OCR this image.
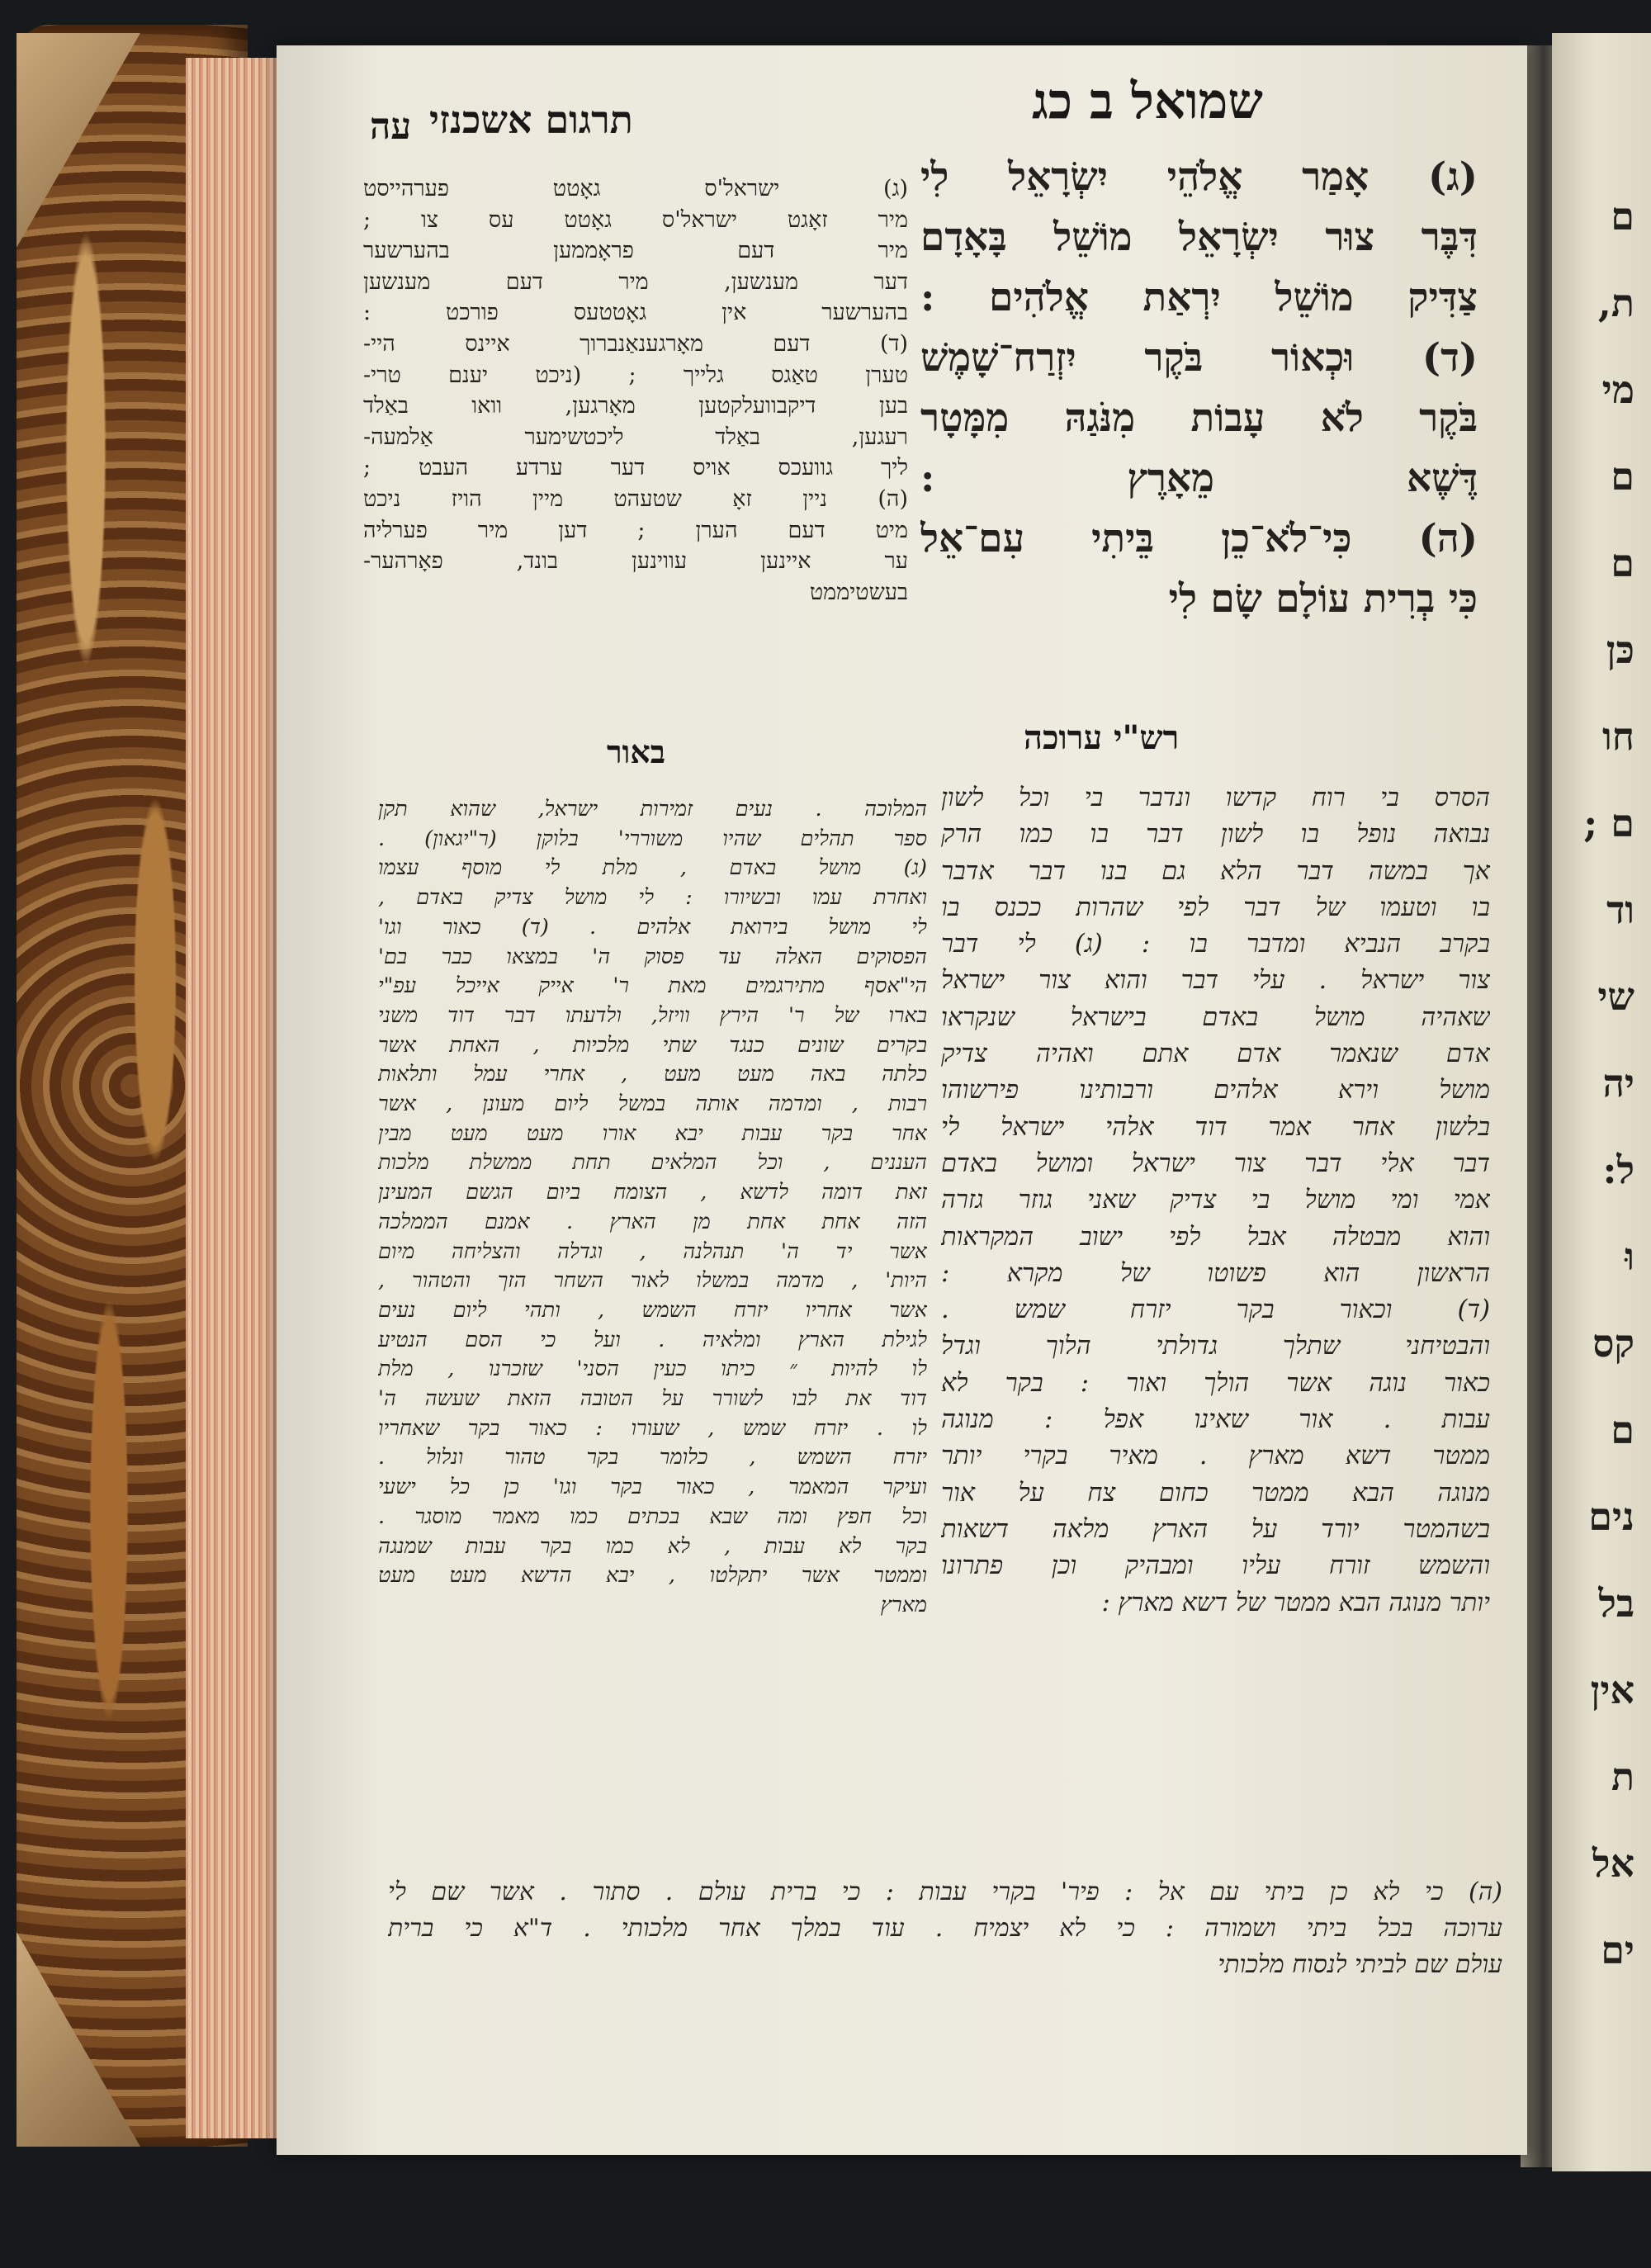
ם
ת,
מי
ם
ם
כּן
חו
ם ;
וד
שי
יה
ל:
וּ
קס
ם
נים
בל
אין
ת
אל
ים
שמואל ב כג
תרגום אשכנזי
עה
(ג) אָמַר אֱלֹהֵי יִשְׂרָאֵל לִי
דִּבֶּר צוּר יִשְׂרָאֵל מוֹשֵׁל בָּאָדָם
צַדִּיק מוֹשֵׁל יִרְאַת אֱלֹהִים :
(ד) וּכְאוֹר בֹּקֶר יִזְרַח־שָׁמֶשׁ
בֹּקֶר לֹא עָבוֹת מִנֹּגַהּ מִמָּטָר
דֶּשֶׁא מֵאָרֶץ :
(ה) כִּי־לֹא־כֵן בֵּיתִי עִם־אֵל
כִּי בְרִית עוֹלָם שָׂם לִי
(ג) ישראל'ס גאָטט פערהייסט
מיר זאָגט ישראל'ס גאָטט עס צו ;
מיר דעם פראָממען בהערשער
דער מענשען, מיר דעם מענשען
בהערשער אין גאָטטעס פורכט :
(ד) דעם מאָרגענאַנברוך איינס היי-
טערן טאַגס גלייך ; (ניכט יענם טרי-
בען דיקבוועלקטען מאָרגען, וואו באַלד
רעגען, באַלד ליכטשימער אַלמעה-
ליך גוועכס אויס דער ערדע העבט ;
(ה) ניין זאָ שטעהט מיין הויז ניכט
מיט דעם הערן ; דען מיר פערליה
ער איינען עווינען בונד, פאָרהער-
בעשטיממט
רש"י ערוכה
הסרס בי רוח קדשו ונדבר בי וכל לשון
נבואה נופל בו לשון דבר בו כמו הרק
אך במשה דבר הלא גם בנו דבר אדבר
בו וטעמו של דבר לפי שהרות ככנס בו
בקרב הנביא ומדבר בו : (ג) לי דבר
צור ישראל . עלי דבר והוא צור ישראל
שאהיה מושל באדם בישראל שנקראו
אדם שנאמר אדם אתם ואהיה צדיק
מושל וירא אלהים ורבותינו פירשוהו
בלשון אחר אמר דוד אלהי ישראל לי
דבר אלי דבר צור ישראל ומושל באדם
אמי ומי מושל בי צדיק שאני גוזר גזרה
והוא מבטלה אבל לפי ישוב המקראות
הראשון הוא פשוטו של מקרא :
(ד) וכאור בקר יזרח שמש .
והבטיחני שתלך גדולתי הלוך וגדל
כאור נוגה אשר הולך ואור : בקר לא
עבות . אור שאינו אפל : מנוגה
ממטר דשא מארץ . מאיר בקרי יותר
מנוגה הבא ממטר כחום צח על אור
בשהמטר יורד על הארץ מלאה דשאות
והשמש זורח עליו ומבהיק וכן פתרונו
יותר מנוגה הבא ממטר של דשא מארץ :
באור
המלוכה . נעים זמירות ישראל, שהוא תקן
ספר תהלים שהיו משוררי' בלוקן (ר"יגאון) .
(ג) מושל באדם , מלת לי מוסף עצמו
ואחרת עמו ובשיורו : לי מושל צדיק באדם ,
לי מושל בירואת אלהים . (ד) כאור וגו'
הפסוקים האלה עד פסוק ה' במצאו כבר בם'
הי"אסף מתירגמים מאת ר' אייק אייכל עפ"י
בארו של ר' הירץ וויזל, ולדעתו דבר דוד משני
בקרים שונים כנגד שתי מלכיות , האחת אשר
כלתה באה מעט מעט , אחרי עמל ותלאות
רבות , ומדמה אותה במשל ליום מעונן , אשר
אחר בקר עבות יבא אורו מעט מעט מבין
העננים , וכל המלאים תחת ממשלת מלכות
זאת דומה לדשא , הצומח ביום הגשם המעינן
הזה אחת אחת מן הארץ . אמנם הממלכה
אשר יד ה' תנהלנה , וגדלה והצליחה מיום
היות' , מדמה במשלו לאור השחר הזך והטהור ,
אשר אחריו יזרח השמש , ותהי ליום נעים
לגילת הארץ ומלאיה . ועל כי הסם הנטיע
לו להיות ״ כיתו כעין הסני' שזכרנו , מלת
דוד את לבו לשורר על הטובה הזאת שעשה ה'
לו . יזרח שמש , שעורו : כאור בקר שאחריו
יזרח השמש , כלומר בקר טהור ונלול .
ועיקר המאמר , כאור בקר וגו' כן כל ישעי
וכל חפץ ומה שבא בכתים כמו מאמר מוסגר .
בקר לא עבות , לא כמו בקר עבות שמנגה
וממטר אשר יתקלטו , יבא הדשא מעט מעט
מארץ
(ה) כי לא כן ביתי עם אל : פיר' בקרי עבות : כי ברית עולם . סתור . אשר שם לי
ערוכה בכל ביתי ושמורה : כי לא יצמיח . עוד במלך אחר מלכותי . ד"א כי ברית
עולם שם לביתי לנסוח מלכותי
